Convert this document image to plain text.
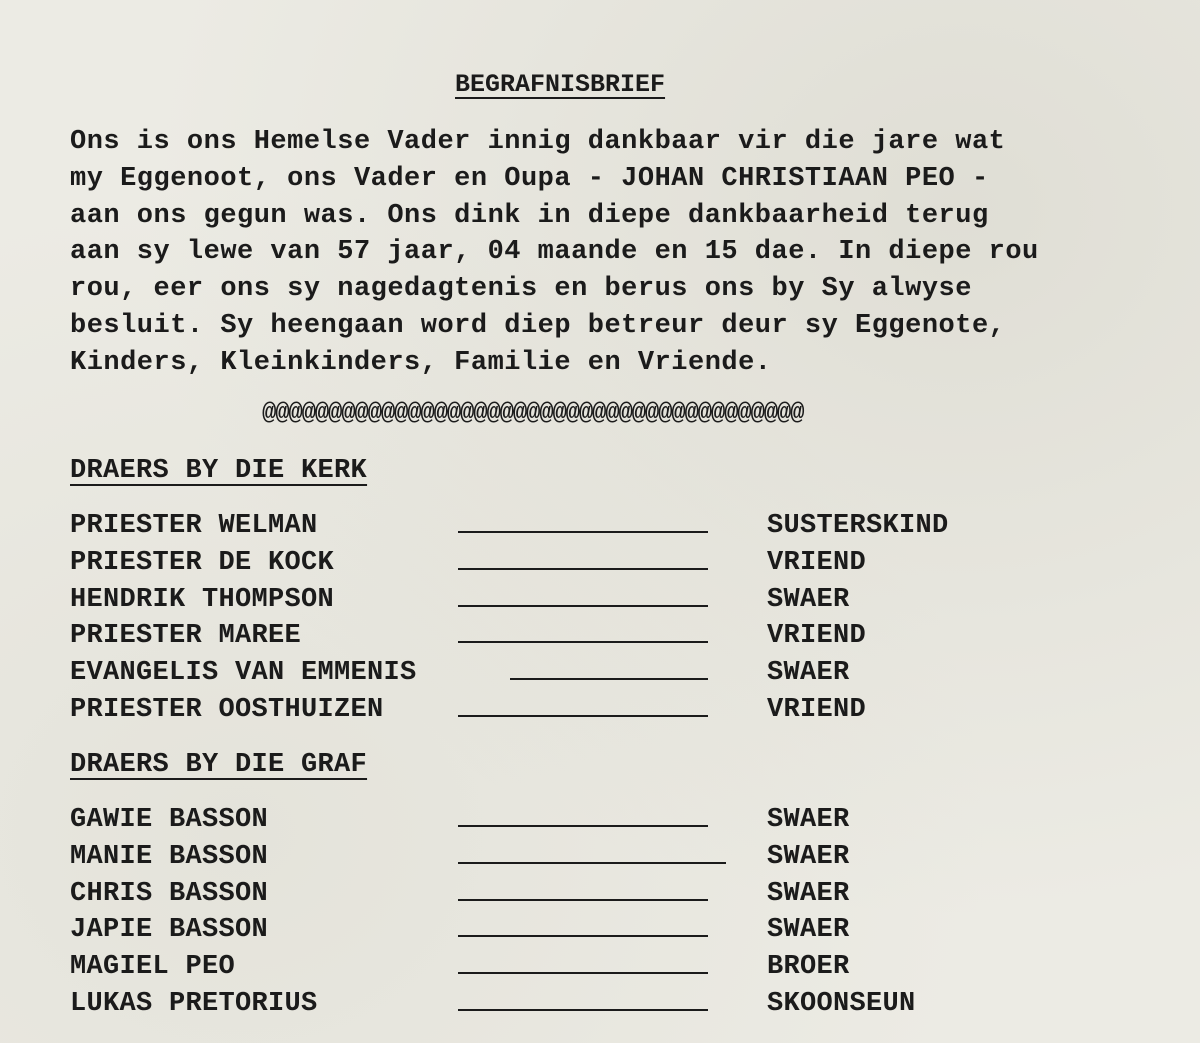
BEGRAFNISBRIEF
Ons is ons Hemelse Vader innig dankbaar vir die jare wat
my Eggenoot, ons Vader en Oupa - JOHAN CHRISTIAAN PEO -
aan ons gegun was. Ons dink in diepe dankbaarheid terug
aan sy lewe van 57 jaar, 04 maande en 15 dae. In diepe rou
rou, eer ons sy nagedagtenis en berus ons by Sy alwyse
besluit. Sy heengaan word diep betreur deur sy Eggenote,
Kinders, Kleinkinders, Familie en Vriende.
@@@@@@@@@@@@@@@@@@@@@@@@@@@@@@@@@@@@@@@@@
DRAERS BY DIE KERK
PRIESTER WELMAN	SUSTERSKIND
PRIESTER DE KOCK	VRIEND
HENDRIK THOMPSON	SWAER
PRIESTER MAREE	VRIEND
EVANGELIS VAN EMMENIS	SWAER
PRIESTER OOSTHUIZEN	VRIEND
DRAERS BY DIE GRAF
GAWIE BASSON	SWAER
MANIE BASSON	SWAER
CHRIS BASSON	SWAER
JAPIE BASSON	SWAER
MAGIEL PEO	BROER
LUKAS PRETORIUS	SKOONSEUN
